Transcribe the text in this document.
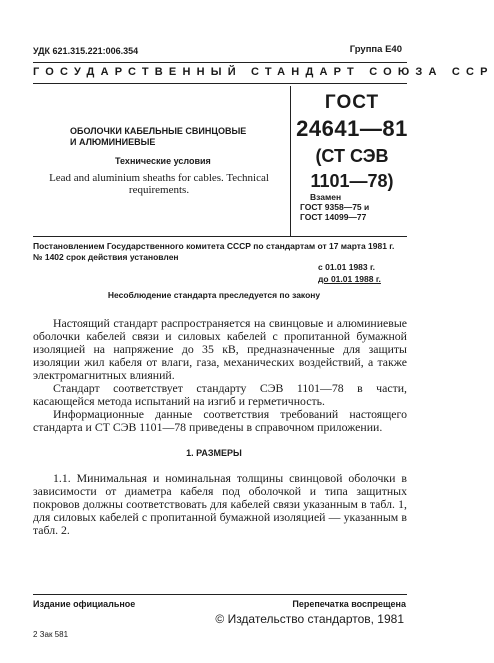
УДК 621.315.221:006.354	Группа Е40
ГОСУДАРСТВЕННЫЙ СТАНДАРТ СОЮЗА ССР
ОБОЛОЧКИ КАБЕЛЬНЫЕ СВИНЦОВЫЕ
И АЛЮМИНИЕВЫЕ
Технические условия
Lead and aluminium sheaths for cables. Technical requirements.
ГОСТ
24641—81
(СТ СЭВ
1101—78)
Взамен
ГОСТ 9358—75 и
ГОСТ 14099—77
Постановлением Государственного комитета СССР по стандартам от 17 марта 1981 г. № 1402 срок действия установлен
с 01.01 1983 г.
до 01.01 1988 г.
Несоблюдение стандарта преследуется по закону

Настоящий стандарт распространяется на свинцовые и алюминиевые оболочки кабелей связи и силовых кабелей с пропитанной бумажной изоляцией на напряжение до 35 кВ, предназначенные для защиты изоляции жил кабеля от влаги, газа, механических воздействий, а также электромагнитных влияний.

Стандарт соответствует стандарту СЭВ 1101—78 в части, касающейся метода испытаний на изгиб и герметичность.

Информационные данные соответствия требований настоящего стандарта и СТ СЭВ 1101—78 приведены в справочном приложении.

1. РАЗМЕРЫ

1.1. Минимальная и номинальная толщины свинцовой оболочки в зависимости от диаметра кабеля под оболочкой и типа защитных покровов должны соответствовать для кабелей связи указанным в табл. 1, для силовых кабелей с пропитанной бумажной изоляцией — указанным в табл. 2.

Издание официальное	Перепечатка воспрещена
© Издательство стандартов, 1981
2 Зак 581
